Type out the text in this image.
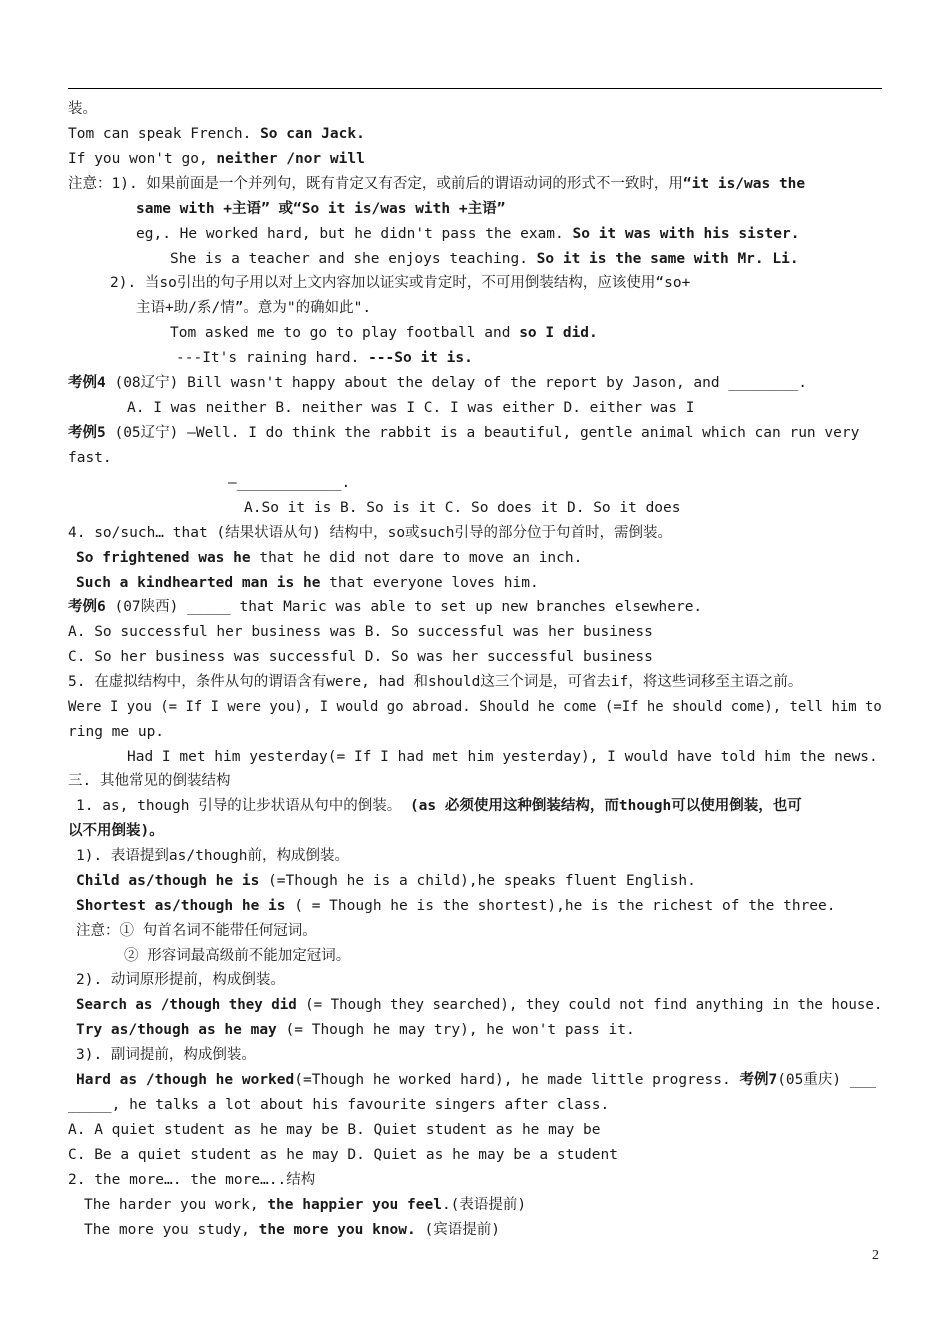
装。
Tom can speak French. So can Jack.
If you won't go, neither /nor will
注意：1). 如果前面是一个并列句，既有肯定又有否定，或前后的谓语动词的形式不一致时，用“it is/was the
same with +主语” 或“So it is/was with +主语”
eg,. He worked hard, but he didn't pass the exam. So it was with his sister.
She is a teacher and she enjoys teaching. So it is the same with Mr. Li.
2). 当so引出的句子用以对上文内容加以证实或肯定时，不可用倒装结构，应该使用“so+
主语+助/系/情”。意为"的确如此".
Tom asked me to go to play football and so I did.
---It's raining hard. ---So it is.
考例4 (08辽宁) Bill wasn't happy about the delay of the report by Jason, and ________.
A. I was neither B. neither was I C. I was either D. either was I
考例5 (05辽宁) —Well. I do think the rabbit is a beautiful, gentle animal which can run very
fast.
—____________.
A.So it is B. So is it C. So does it D. So it does
4. so/such… that (结果状语从句) 结构中，so或such引导的部分位于句首时，需倒装。
So frightened was he that he did not dare to move an inch.
Such a kindhearted man is he that everyone loves him.
考例6 (07陕西) _____ that Maric was able to set up new branches elsewhere.
A. So successful her business was B. So successful was her business
C. So her business was successful D. So was her successful business
5. 在虚拟结构中，条件从句的谓语含有were, had 和should这三个词是，可省去if，将这些词移至主语之前。
Were I you (= If I were you), I would go abroad. Should he come (=If he should come), tell him to
ring me up.
Had I met him yesterday(= If I had met him yesterday), I would have told him the news.
三. 其他常见的倒装结构
1. as, though 引导的让步状语从句中的倒装。 (as 必须使用这种倒装结构，而though可以使用倒装，也可
以不用倒装)。
1). 表语提到as/though前，构成倒装。
Child as/though he is (=Though he is a child),he speaks fluent English.
Shortest as/though he is ( = Though he is the shortest),he is the richest of the three.
注意：① 句首名词不能带任何冠词。
② 形容词最高级前不能加定冠词。
2). 动词原形提前，构成倒装。
Search as /though they did (= Though they searched), they could not find anything in the house.
Try as/though as he may (= Though he may try), he won't pass it.
3). 副词提前，构成倒装。
Hard as /though he worked(=Though he worked hard), he made little progress. 考例7(05重庆) ___
_____, he talks a lot about his favourite singers after class.
A. A quiet student as he may be B. Quiet student as he may be
C. Be a quiet student as he may D. Quiet as he may be a student
2. the more…. the more…..结构
The harder you work, the happier you feel.(表语提前)
The more you study, the more you know. (宾语提前)
2
